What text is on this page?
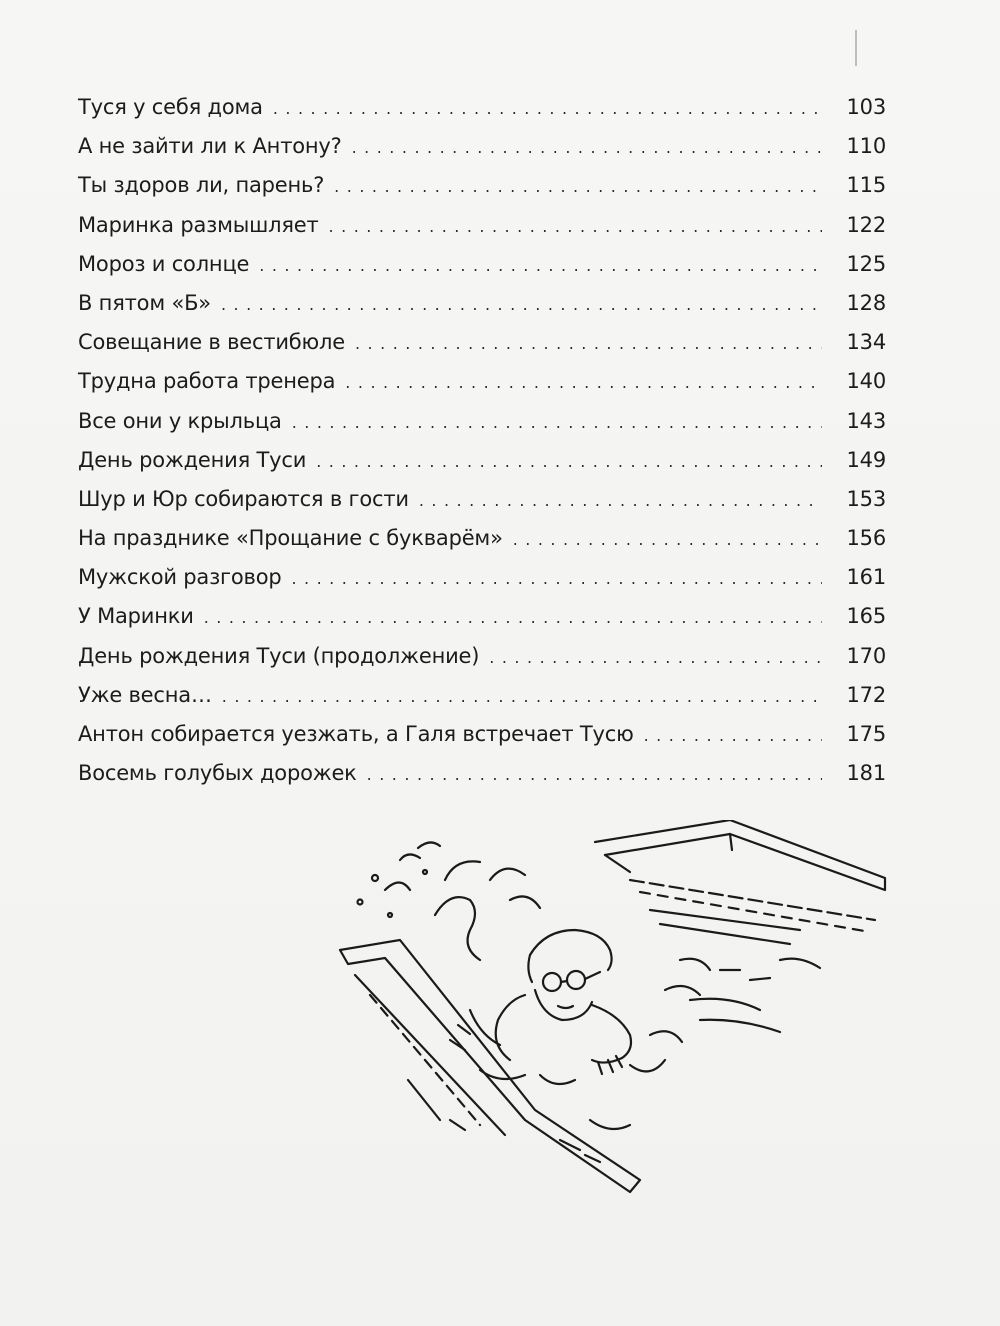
Туся у себя дома . . .	103
А не зайти ли к Антону? . . .	110
Ты здоров ли, парень? . . .	115
Маринка размышляет . . .	122
Мороз и солнце . . .	125
В пятом «Б» . . .	128
Совещание в вестибюле . . .	134
Трудна работа тренера . . .	140
Все они у крыльца . . .	143
День рождения Туси . . .	149
Шур и Юр собираются в гости . . .	153
На празднике «Прощание с букварём» . . .	156
Мужской разговор . . .	161
У Маринки . . .	165
День рождения Туси (продолжение) . . .	170
Уже весна… . . .	172
Антон собирается уезжать, а Галя встречает Тусю . . .	175
Восемь голубых дорожек . . .	181
